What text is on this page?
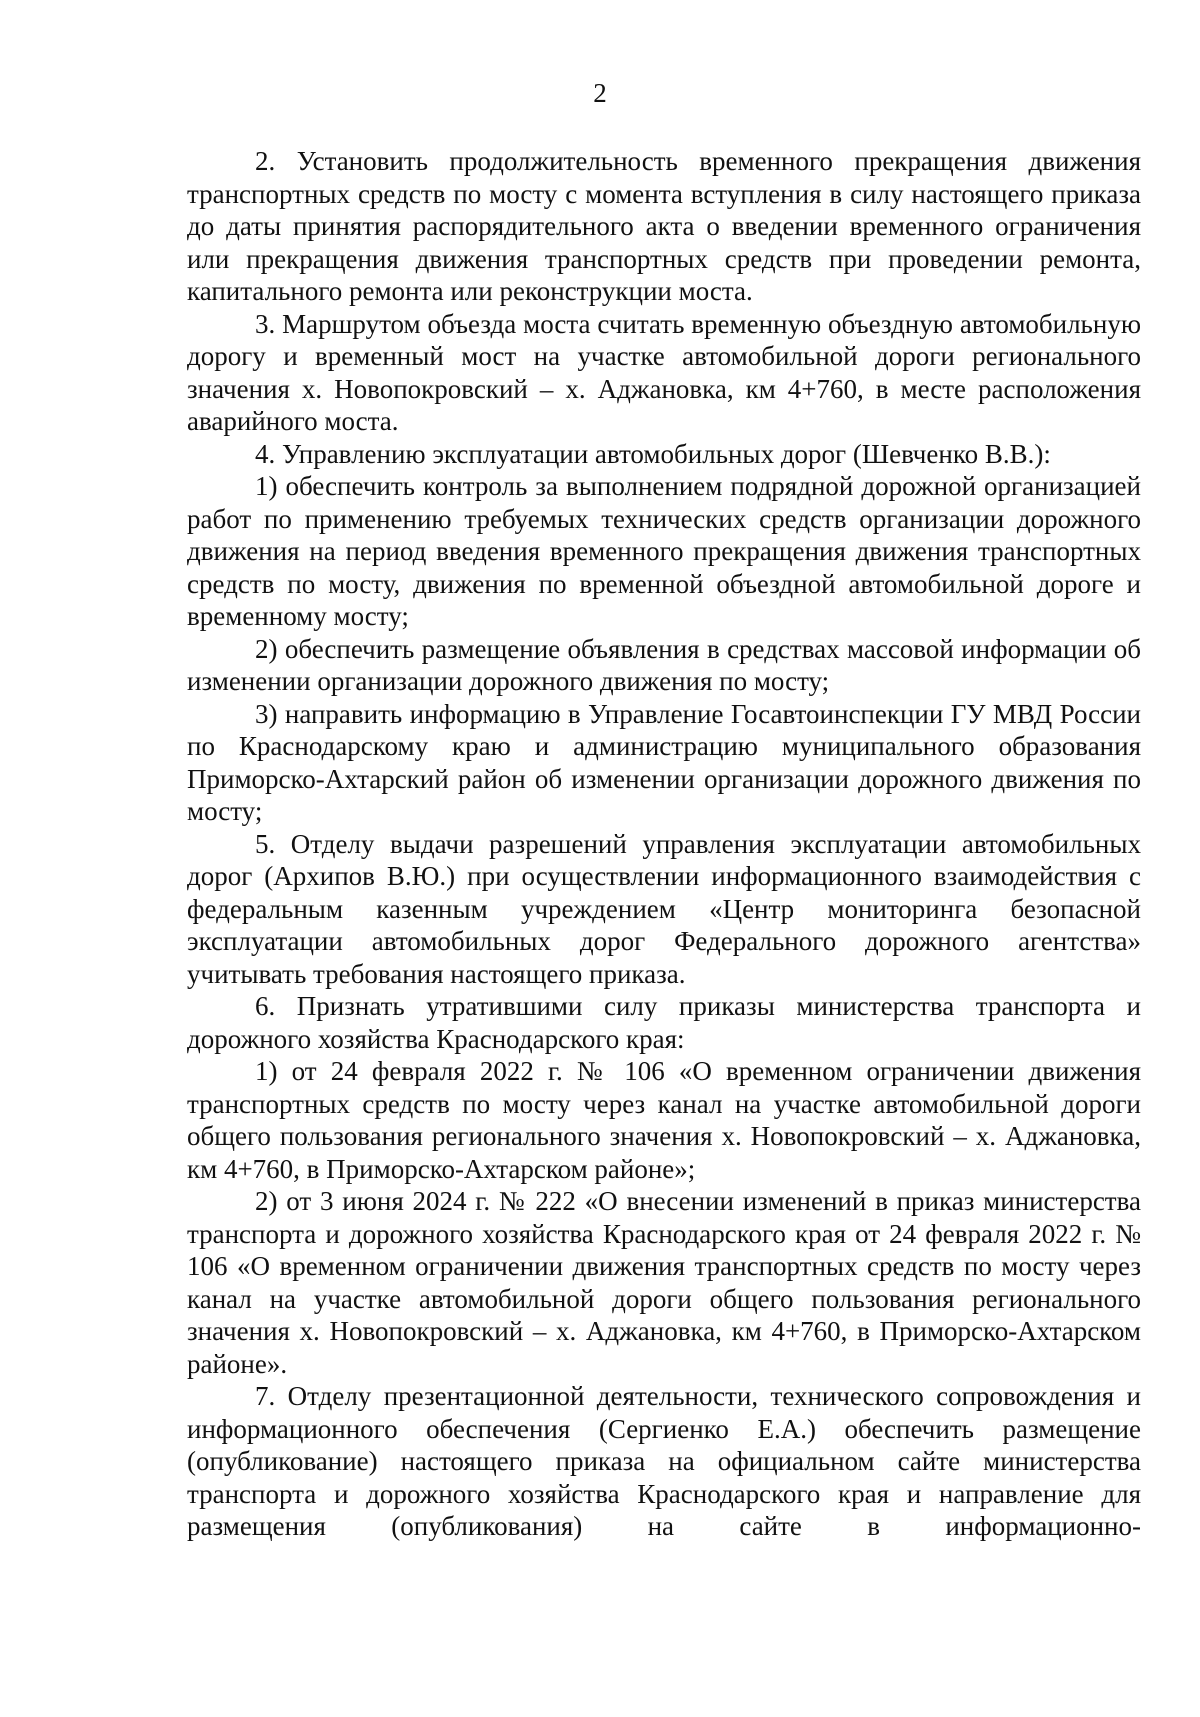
2

2. Установить продолжительность временного прекращения движения транспортных средств по мосту с момента вступления в силу настоящего приказа до даты принятия распорядительного акта о введении временного ограничения или прекращения движения транспортных средств при проведении ремонта, капитального ремонта или реконструкции моста.

3. Маршрутом объезда моста считать временную объездную автомобильную дорогу и временный мост на участке автомобильной дороги регионального значения х. Новопокровский – х. Аджановка, км 4+760, в месте расположения аварийного моста.

4. Управлению эксплуатации автомобильных дорог (Шевченко В.В.):

1) обеспечить контроль за выполнением подрядной дорожной организацией работ по применению требуемых технических средств организации дорожного движения на период введения временного прекращения движения транспортных средств по мосту, движения по временной объездной автомобильной дороге и временному мосту;

2) обеспечить размещение объявления в средствах массовой информации об изменении организации дорожного движения по мосту;

3) направить информацию в Управление Госавтоинспекции ГУ МВД России по Краснодарскому краю и администрацию муниципального образования Приморско-Ахтарский район об изменении организации дорожного движения по мосту;

5. Отделу выдачи разрешений управления эксплуатации автомобильных дорог (Архипов В.Ю.) при осуществлении информационного взаимодействия с федеральным казенным учреждением «Центр мониторинга безопасной эксплуатации автомобильных дорог Федерального дорожного агентства» учитывать требования настоящего приказа.

6. Признать утратившими силу приказы министерства транспорта и дорожного хозяйства Краснодарского края:

1) от 24 февраля 2022 г. № 106 «О временном ограничении движения транспортных средств по мосту через канал на участке автомобильной дороги общего пользования регионального значения х. Новопокровский – х. Аджановка, км 4+760, в Приморско-Ахтарском районе»;

2) от 3 июня 2024 г. № 222 «О внесении изменений в приказ министерства транспорта и дорожного хозяйства Краснодарского края от 24 февраля 2022 г. № 106 «О временном ограничении движения транспортных средств по мосту через канал на участке автомобильной дороги общего пользования регионального значения х. Новопокровский – х. Аджановка, км 4+760, в Приморско-Ахтарском районе».

7. Отделу презентационной деятельности, технического сопровождения и информационного обеспечения (Сергиенко Е.А.) обеспечить размещение (опубликование) настоящего приказа на официальном сайте министерства транспорта и дорожного хозяйства Краснодарского края и направление для размещения (опубликования) на сайте в информационно-
